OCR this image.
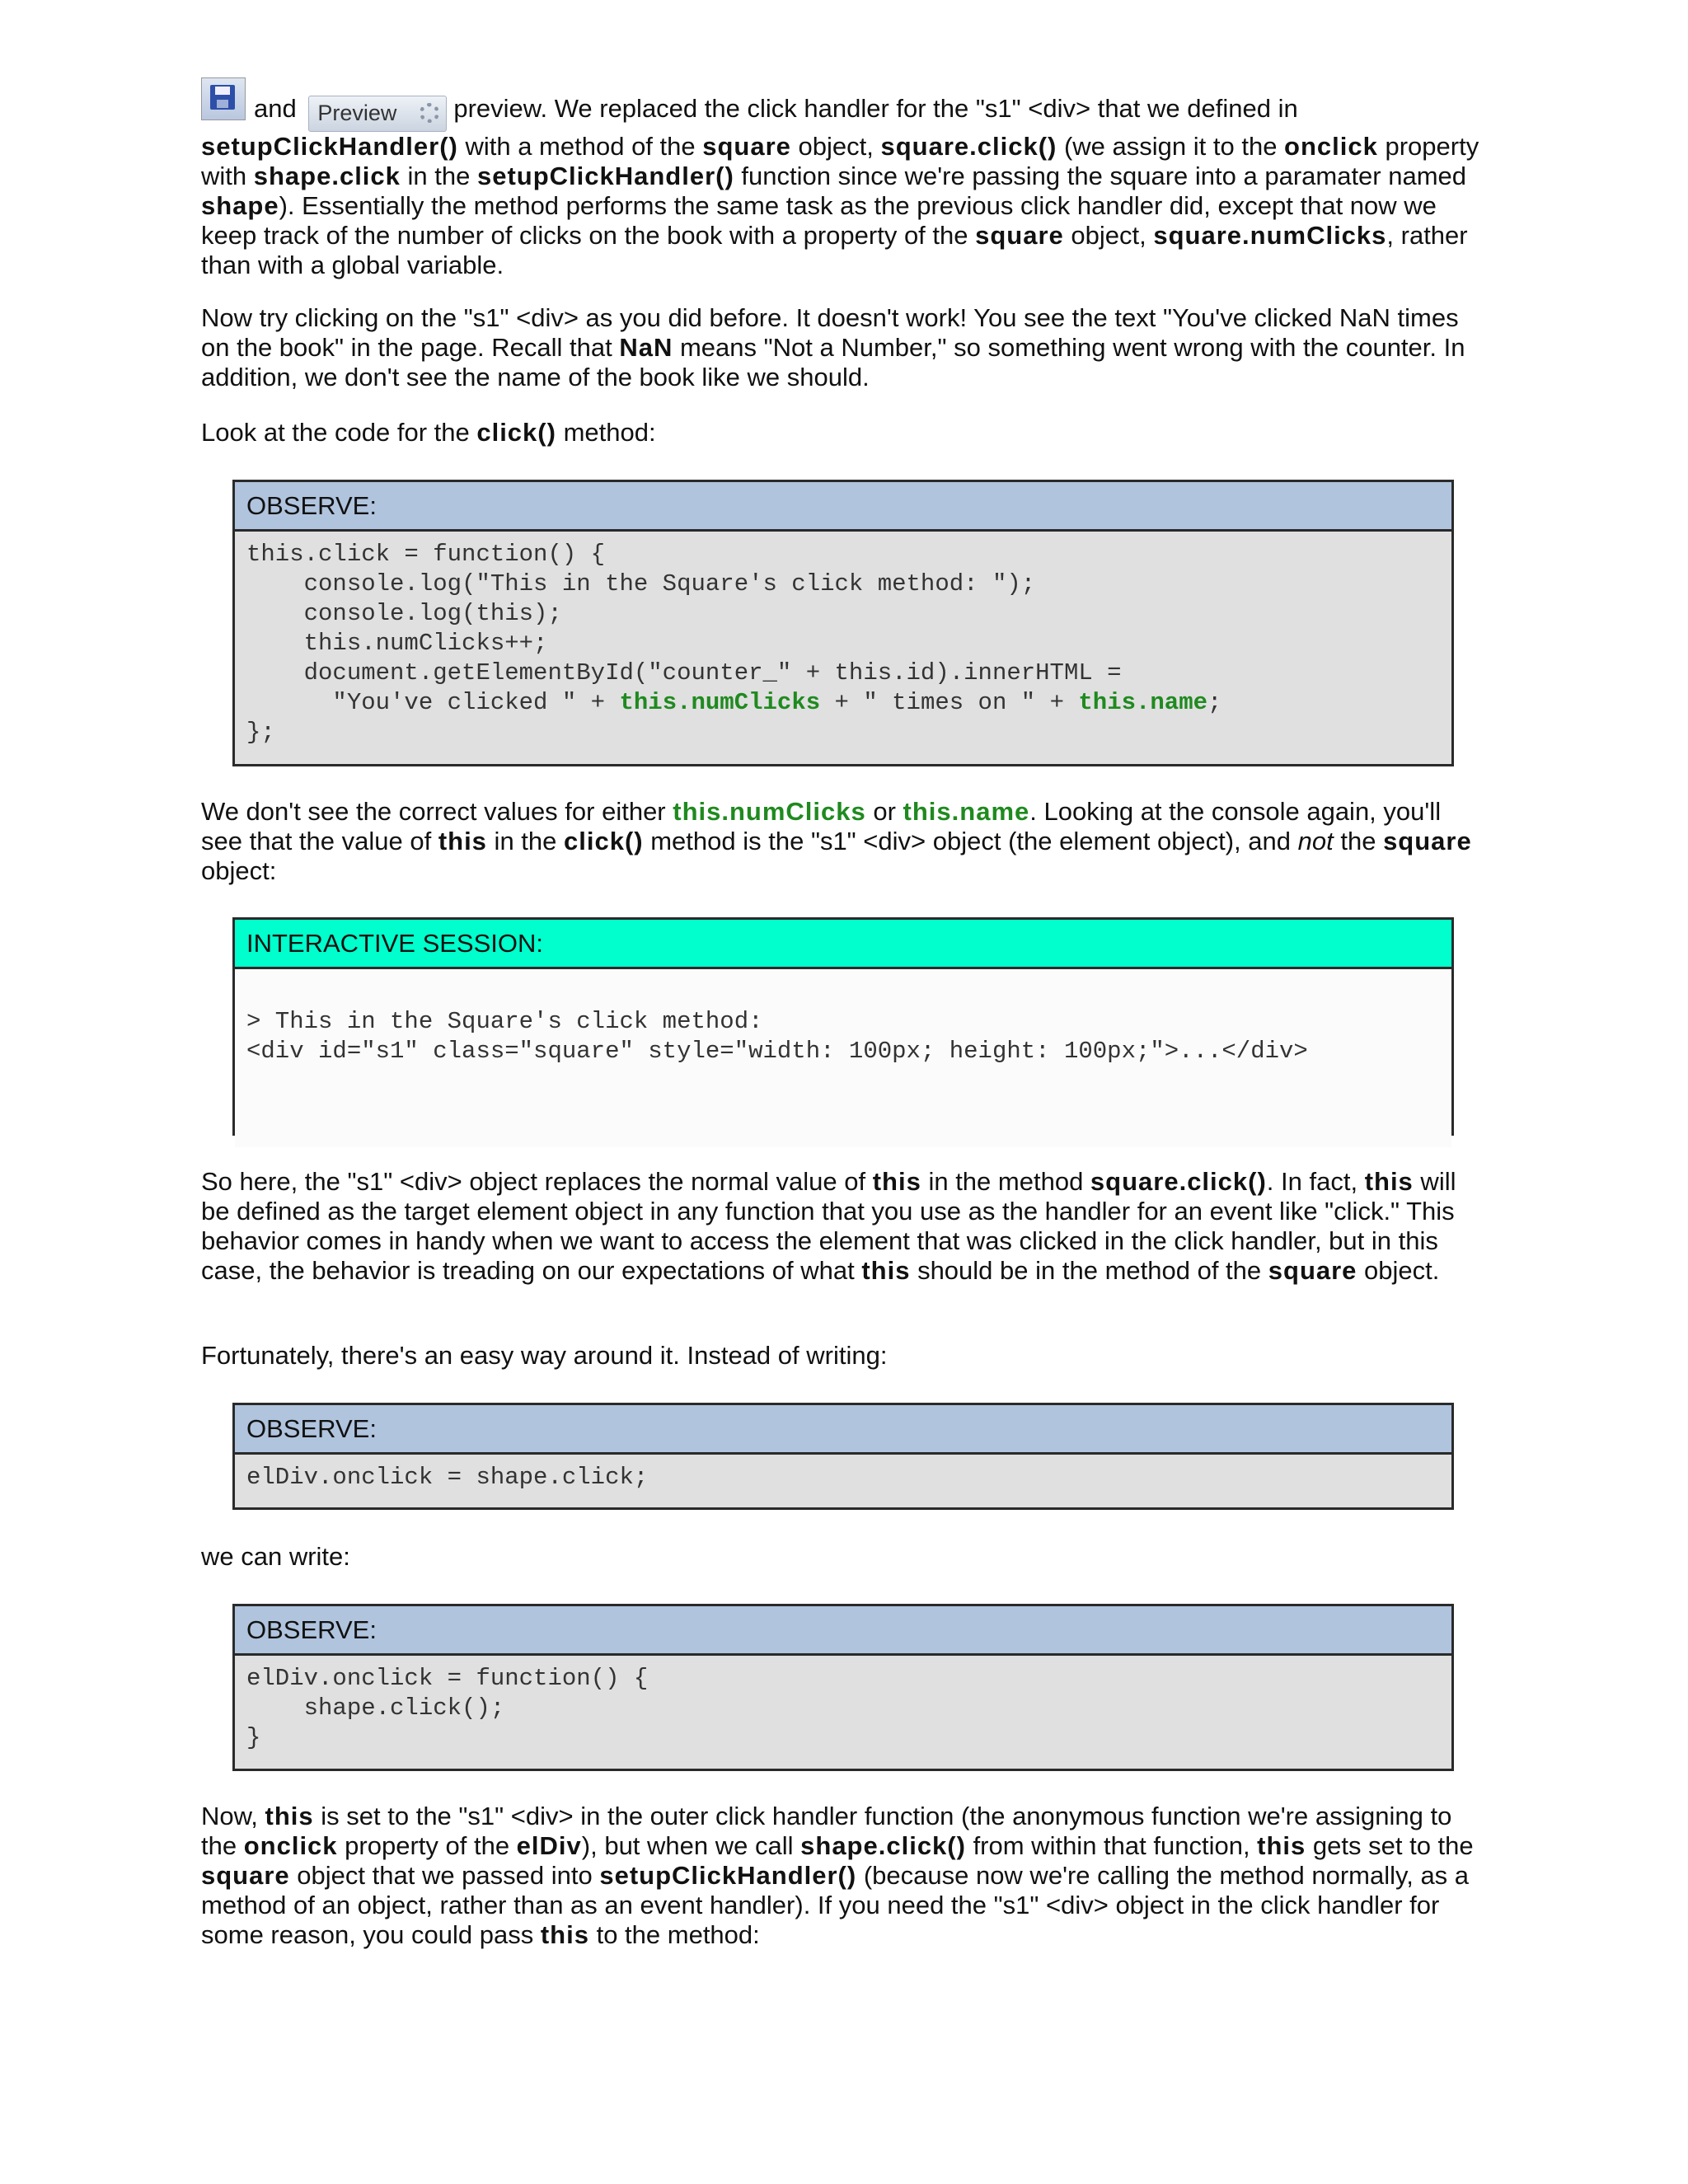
and Preview preview. We replaced the click handler for the "s1" <div> that we defined in setupClickHandler() with a method of the square object, square.click() (we assign it to the onclick property with shape.click in the setupClickHandler() function since we're passing the square into a paramater named shape). Essentially the method performs the same task as the previous click handler did, except that now we keep track of the number of clicks on the book with a property of the square object, square.numClicks, rather than with a global variable.

Now try clicking on the "s1" <div> as you did before. It doesn't work! You see the text "You've clicked NaN times on the book" in the page. Recall that NaN means "Not a Number," so something went wrong with the counter. In addition, we don't see the name of the book like we should.

Look at the code for the click() method:

OBSERVE:
this.click = function() {
console.log("This in the Square's click method: ");
console.log(this);
this.numClicks++;
document.getElementById("counter_" + this.id).innerHTML =
"You've clicked " + this.numClicks + " times on " + this.name;
};

We don't see the correct values for either this.numClicks or this.name. Looking at the console again, you'll see that the value of this in the click() method is the "s1" <div> object (the element object), and not the square object:

INTERACTIVE SESSION:

> This in the Square's click method:
<div id="s1" class="square" style="width: 100px; height: 100px;">...</div>

So here, the "s1" <div> object replaces the normal value of this in the method square.click(). In fact, this will be defined as the target element object in any function that you use as the handler for an event like "click." This behavior comes in handy when we want to access the element that was clicked in the click handler, but in this case, the behavior is treading on our expectations of what this should be in the method of the square object.

Fortunately, there's an easy way around it. Instead of writing:

OBSERVE:
elDiv.onclick = shape.click;

we can write:

OBSERVE:
elDiv.onclick = function() {
shape.click();
}

Now, this is set to the "s1" <div> in the outer click handler function (the anonymous function we're assigning to the onclick property of the elDiv), but when we call shape.click() from within that function, this gets set to the square object that we passed into setupClickHandler() (because now we're calling the method normally, as a method of an object, rather than as an event handler). If you need the "s1" <div> object in the click handler for some reason, you could pass this to the method:
